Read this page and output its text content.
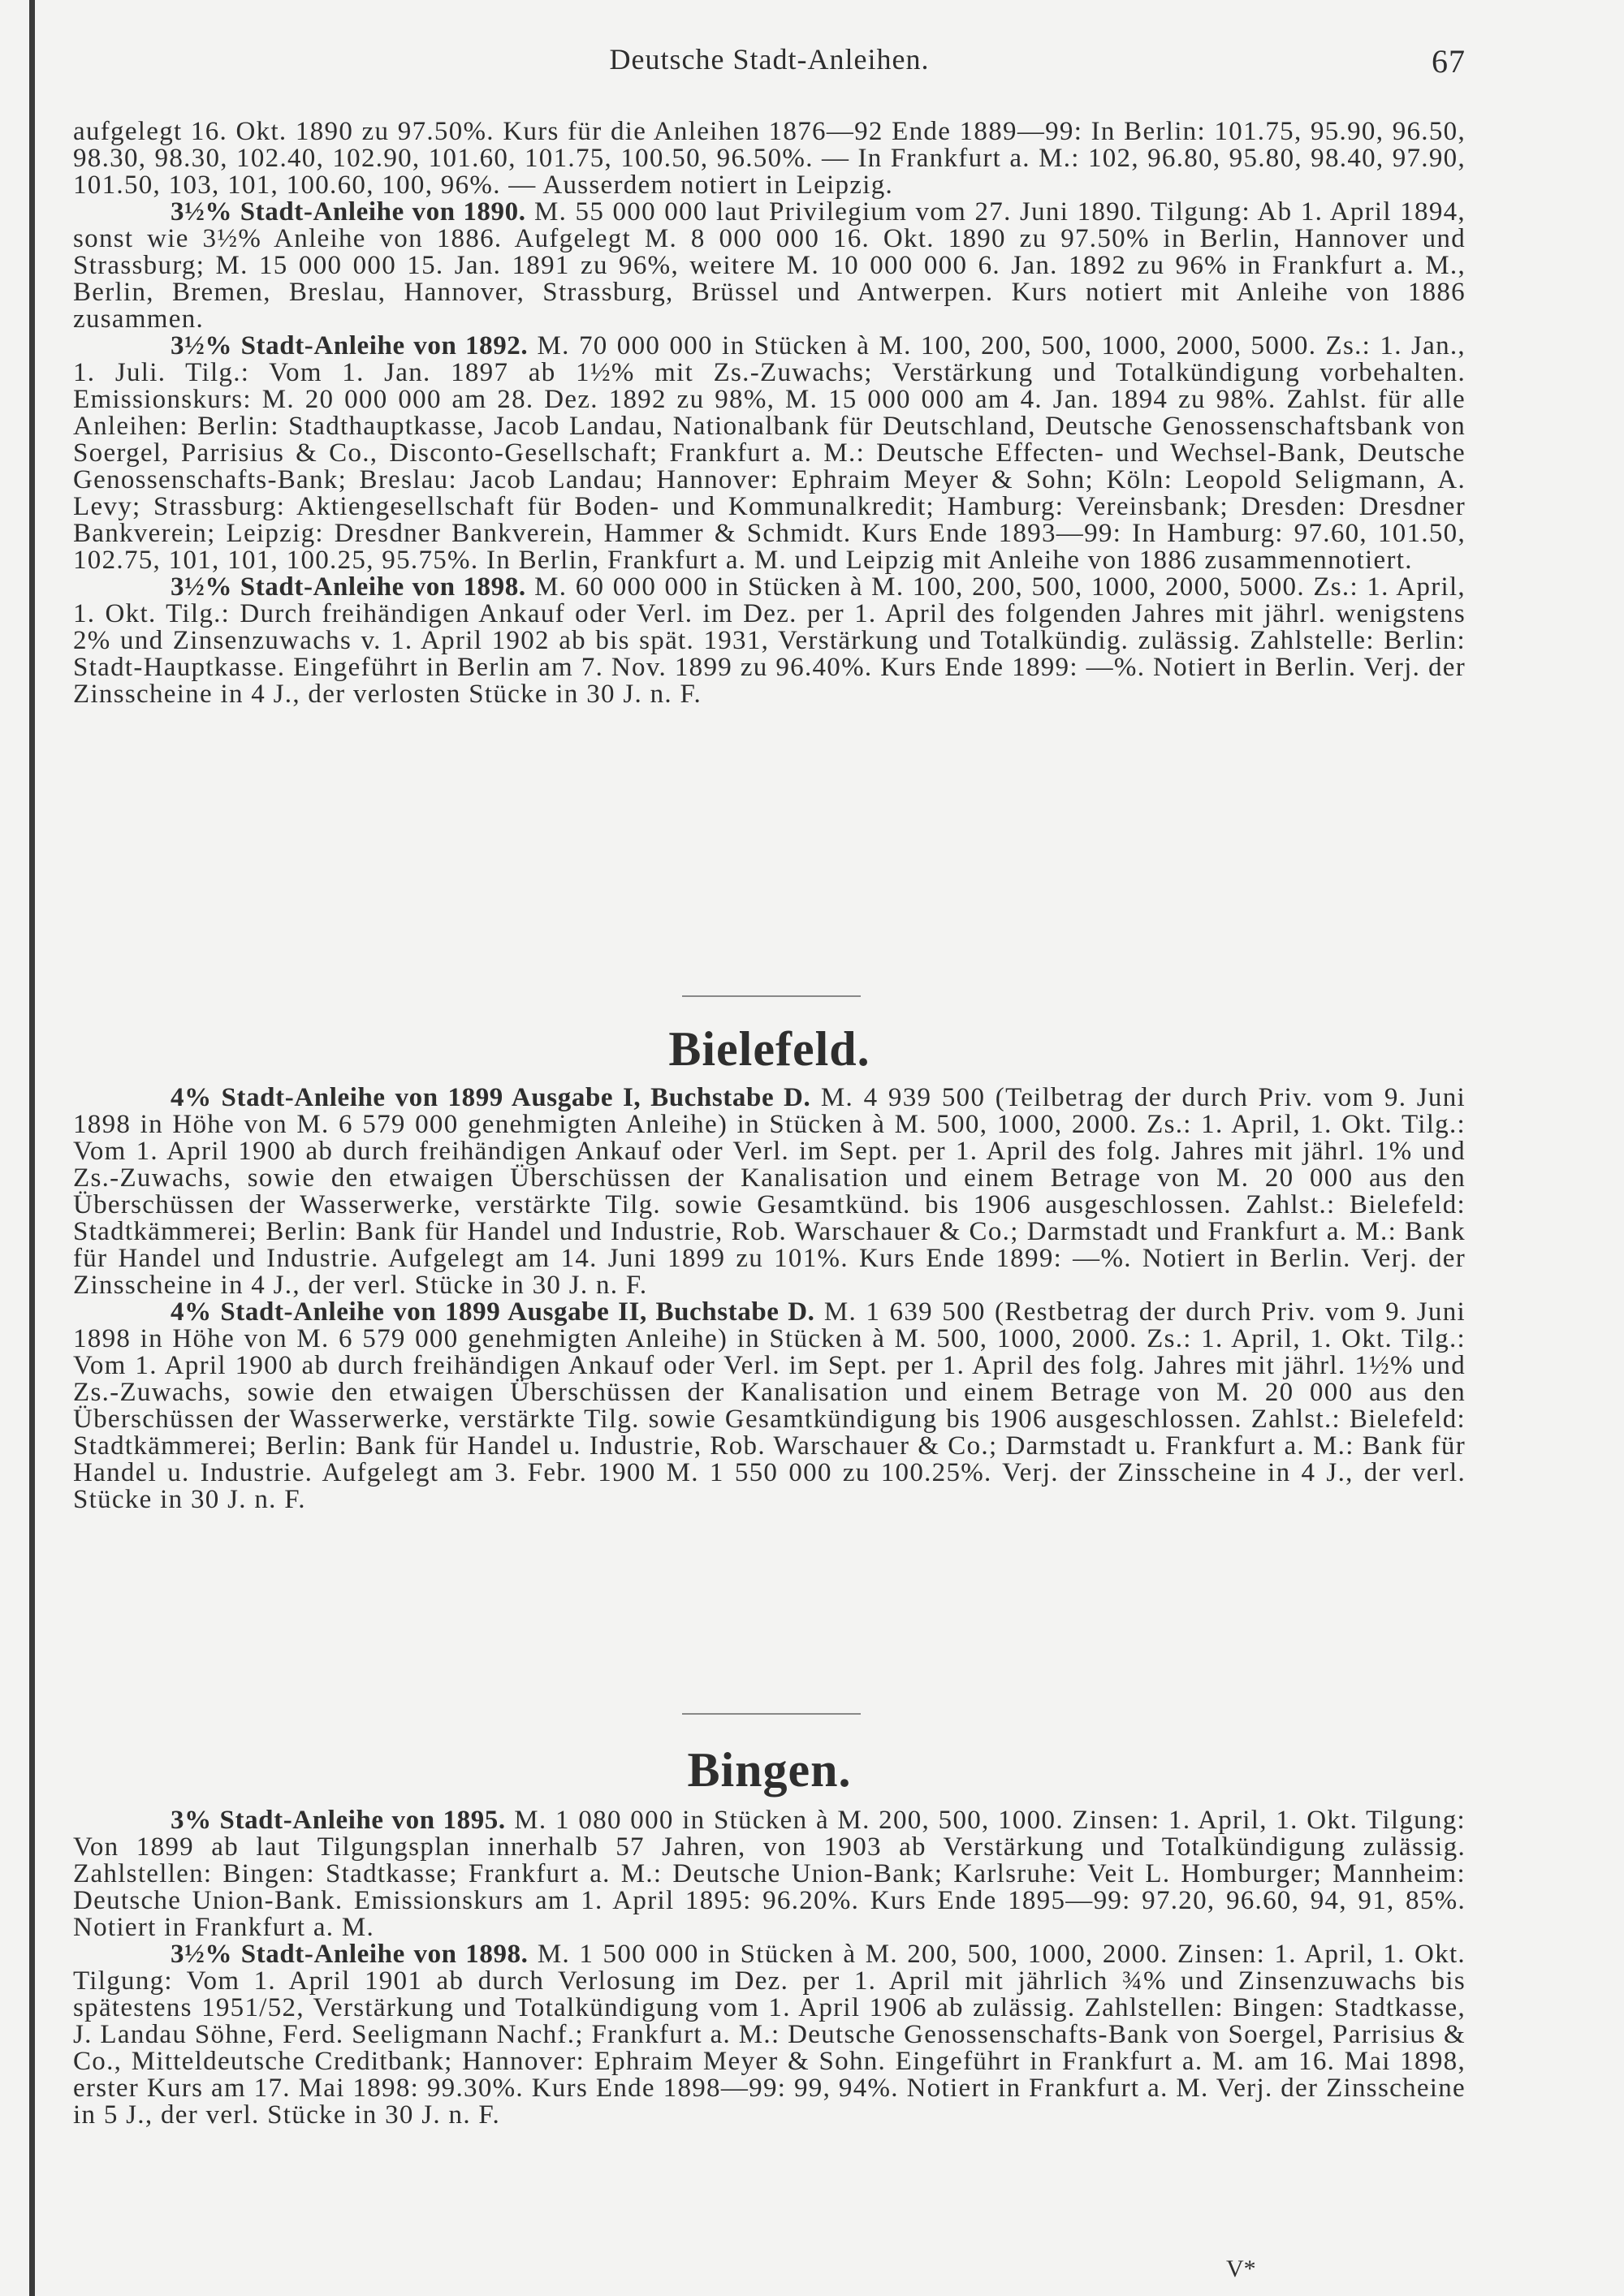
Deutsche Stadt-Anleihen.	67

aufgelegt 16. Okt. 1890 zu 97.50%. Kurs für die Anleihen 1876—92 Ende 1889—99: In Berlin: 101.75, 95.90, 96.50, 98.30, 98.30, 102.40, 102.90, 101.60, 101.75, 100.50, 96.50%. — In Frankfurt a. M.: 102, 96.80, 95.80, 98.40, 97.90, 101.50, 103, 101, 100.60, 100, 96%. — Ausserdem notiert in Leipzig.

3½% Stadt-Anleihe von 1890. M. 55 000 000 laut Privilegium vom 27. Juni 1890. Tilgung: Ab 1. April 1894, sonst wie 3½% Anleihe von 1886. Aufgelegt M. 8 000 000 16. Okt. 1890 zu 97.50% in Berlin, Hannover und Strassburg; M. 15 000 000 15. Jan. 1891 zu 96%, weitere M. 10 000 000 6. Jan. 1892 zu 96% in Frankfurt a. M., Berlin, Bremen, Breslau, Hannover, Strassburg, Brüssel und Antwerpen. Kurs notiert mit Anleihe von 1886 zusammen.

3½% Stadt-Anleihe von 1892. M. 70 000 000 in Stücken à M. 100, 200, 500, 1000, 2000, 5000. Zs.: 1. Jan., 1. Juli. Tilg.: Vom 1. Jan. 1897 ab 1½% mit Zs.-Zuwachs; Verstärkung und Totalkündigung vorbehalten. Emissionskurs: M. 20 000 000 am 28. Dez. 1892 zu 98%, M. 15 000 000 am 4. Jan. 1894 zu 98%. Zahlst. für alle Anleihen: Berlin: Stadthauptkasse, Jacob Landau, Nationalbank für Deutschland, Deutsche Genossenschaftsbank von Soergel, Parrisius & Co., Disconto-Gesellschaft; Frankfurt a. M.: Deutsche Effecten- und Wechsel-Bank, Deutsche Genossenschafts-Bank; Breslau: Jacob Landau; Hannover: Ephraim Meyer & Sohn; Köln: Leopold Seligmann, A. Levy; Strassburg: Aktiengesellschaft für Boden- und Kommunalkredit; Hamburg: Vereinsbank; Dresden: Dresdner Bankverein; Leipzig: Dresdner Bankverein, Hammer & Schmidt. Kurs Ende 1893—99: In Hamburg: 97.60, 101.50, 102.75, 101, 101, 100.25, 95.75%. In Berlin, Frankfurt a. M. und Leipzig mit Anleihe von 1886 zusammennotiert.

3½% Stadt-Anleihe von 1898. M. 60 000 000 in Stücken à M. 100, 200, 500, 1000, 2000, 5000. Zs.: 1. April, 1. Okt. Tilg.: Durch freihändigen Ankauf oder Verl. im Dez. per 1. April des folgenden Jahres mit jährl. wenigstens 2% und Zinsenzuwachs v. 1. April 1902 ab bis spät. 1931, Verstärkung und Totalkündig. zulässig. Zahlstelle: Berlin: Stadt-Hauptkasse. Eingeführt in Berlin am 7. Nov. 1899 zu 96.40%. Kurs Ende 1899: —%. Notiert in Berlin. Verj. der Zinsscheine in 4 J., der verlosten Stücke in 30 J. n. F.

Bielefeld.

4% Stadt-Anleihe von 1899 Ausgabe I, Buchstabe D. M. 4 939 500 (Teilbetrag der durch Priv. vom 9. Juni 1898 in Höhe von M. 6 579 000 genehmigten Anleihe) in Stücken à M. 500, 1000, 2000. Zs.: 1. April, 1. Okt. Tilg.: Vom 1. April 1900 ab durch freihändigen Ankauf oder Verl. im Sept. per 1. April des folg. Jahres mit jährl. 1% und Zs.-Zuwachs, sowie den etwaigen Überschüssen der Kanalisation und einem Betrage von M. 20 000 aus den Überschüssen der Wasserwerke, verstärkte Tilg. sowie Gesamtkünd. bis 1906 ausgeschlossen. Zahlst.: Bielefeld: Stadtkämmerei; Berlin: Bank für Handel und Industrie, Rob. Warschauer & Co.; Darmstadt und Frankfurt a. M.: Bank für Handel und Industrie. Aufgelegt am 14. Juni 1899 zu 101%. Kurs Ende 1899: —%. Notiert in Berlin. Verj. der Zinsscheine in 4 J., der verl. Stücke in 30 J. n. F.

4% Stadt-Anleihe von 1899 Ausgabe II, Buchstabe D. M. 1 639 500 (Restbetrag der durch Priv. vom 9. Juni 1898 in Höhe von M. 6 579 000 genehmigten Anleihe) in Stücken à M. 500, 1000, 2000. Zs.: 1. April, 1. Okt. Tilg.: Vom 1. April 1900 ab durch freihändigen Ankauf oder Verl. im Sept. per 1. April des folg. Jahres mit jährl. 1½% und Zs.-Zuwachs, sowie den etwaigen Überschüssen der Kanalisation und einem Betrage von M. 20 000 aus den Überschüssen der Wasserwerke, verstärkte Tilg. sowie Gesamtkündigung bis 1906 ausgeschlossen. Zahlst.: Bielefeld: Stadtkämmerei; Berlin: Bank für Handel u. Industrie, Rob. Warschauer & Co.; Darmstadt u. Frankfurt a. M.: Bank für Handel u. Industrie. Aufgelegt am 3. Febr. 1900 M. 1 550 000 zu 100.25%. Verj. der Zinsscheine in 4 J., der verl. Stücke in 30 J. n. F.

Bingen.

3% Stadt-Anleihe von 1895. M. 1 080 000 in Stücken à M. 200, 500, 1000. Zinsen: 1. April, 1. Okt. Tilgung: Von 1899 ab laut Tilgungsplan innerhalb 57 Jahren, von 1903 ab Verstärkung und Totalkündigung zulässig. Zahlstellen: Bingen: Stadtkasse; Frankfurt a. M.: Deutsche Union-Bank; Karlsruhe: Veit L. Homburger; Mannheim: Deutsche Union-Bank. Emissionskurs am 1. April 1895: 96.20%. Kurs Ende 1895—99: 97.20, 96.60, 94, 91, 85%. Notiert in Frankfurt a. M.

3½% Stadt-Anleihe von 1898. M. 1 500 000 in Stücken à M. 200, 500, 1000, 2000. Zinsen: 1. April, 1. Okt. Tilgung: Vom 1. April 1901 ab durch Verlosung im Dez. per 1. April mit jährlich ¾% und Zinsenzuwachs bis spätestens 1951/52, Verstärkung und Totalkündigung vom 1. April 1906 ab zulässig. Zahlstellen: Bingen: Stadtkasse, J. Landau Söhne, Ferd. Seeligmann Nachf.; Frankfurt a. M.: Deutsche Genossenschafts-Bank von Soergel, Parrisius & Co., Mitteldeutsche Creditbank; Hannover: Ephraim Meyer & Sohn. Eingeführt in Frankfurt a. M. am 16. Mai 1898, erster Kurs am 17. Mai 1898: 99.30%. Kurs Ende 1898—99: 99, 94%. Notiert in Frankfurt a. M. Verj. der Zinsscheine in 5 J., der verl. Stücke in 30 J. n. F.

V*
